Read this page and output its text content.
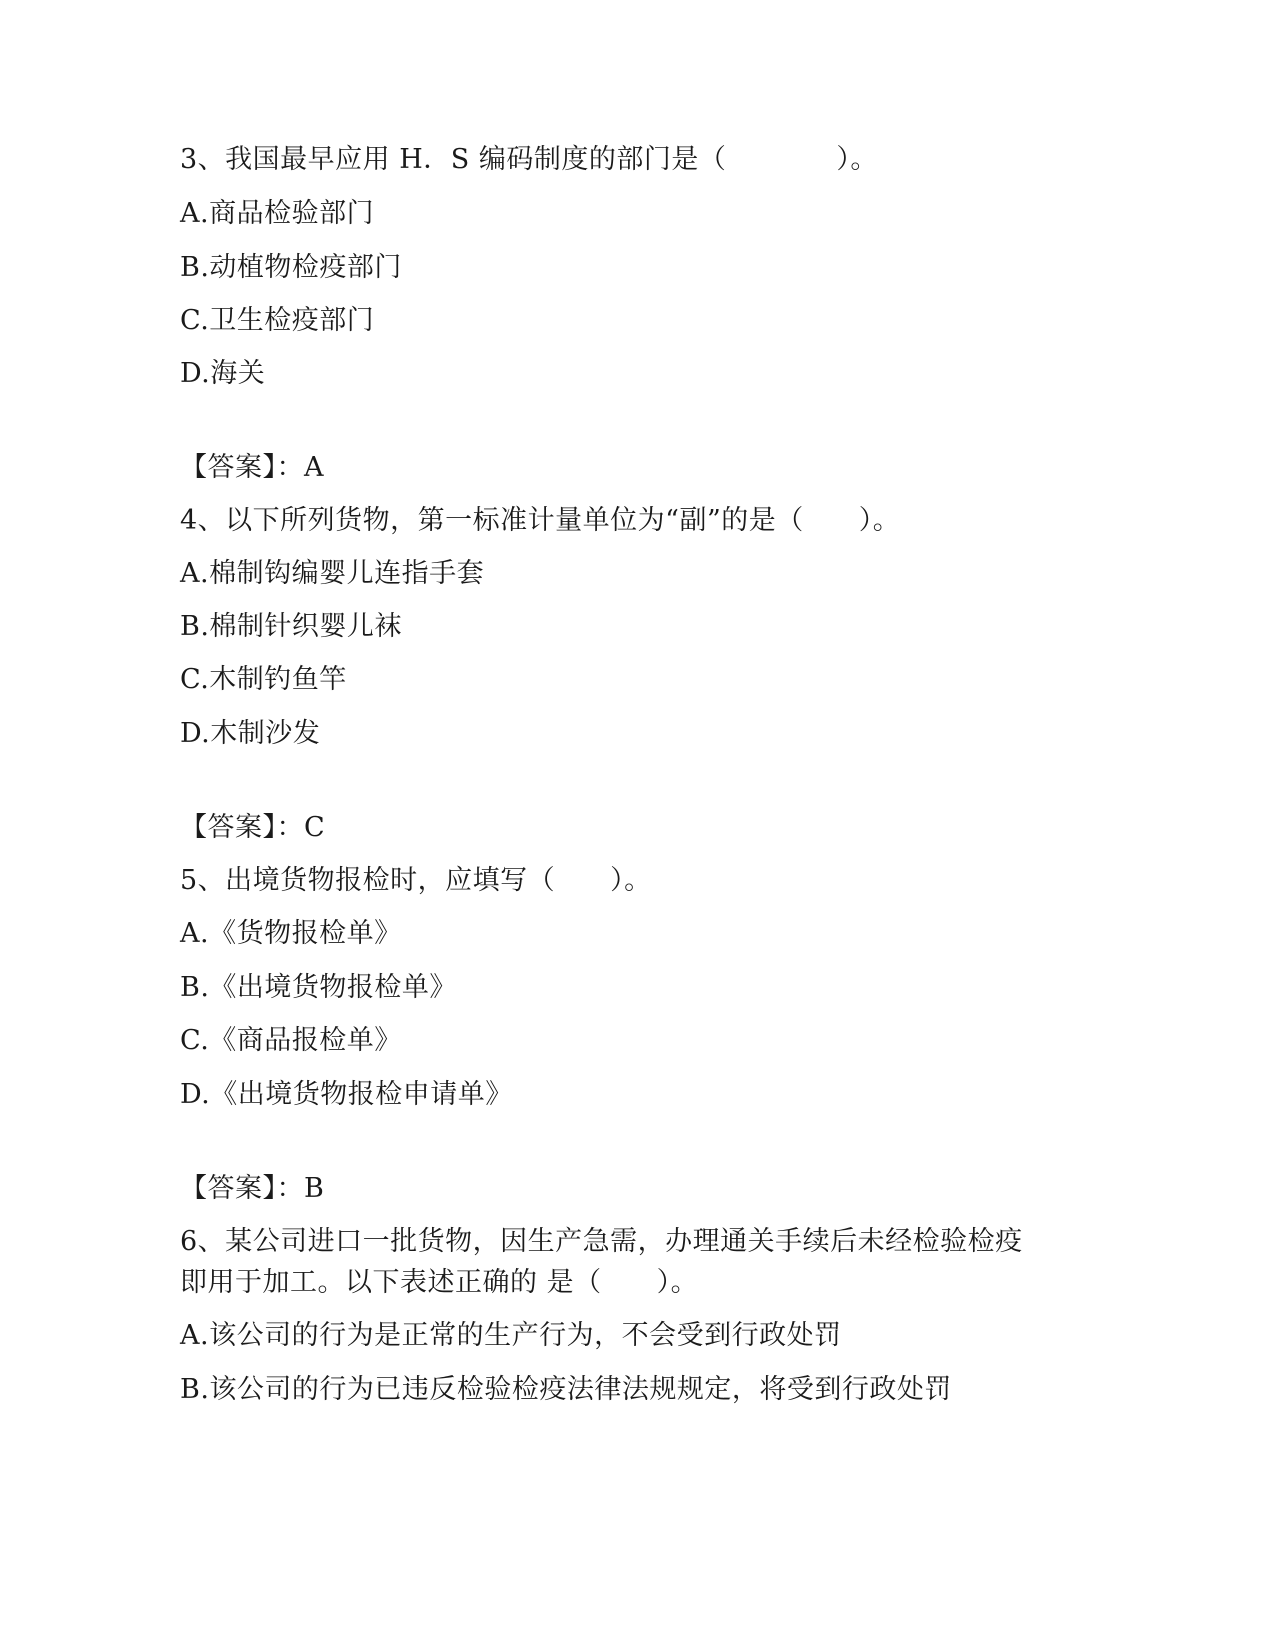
3、我国最早应用 H．S 编码制度的部门是（　　　　）。
A.商品检验部门
B.动植物检疫部门
C.卫生检疫部门
D.海关
【答案】：A
4、以下所列货物，第一标准计量单位为“副”的是（　　）。
A.棉制钩编婴儿连指手套
B.棉制针织婴儿袜
C.木制钓鱼竿
D.木制沙发
【答案】：C
5、出境货物报检时，应填写（　　）。
A.《货物报检单》
B.《出境货物报检单》
C.《商品报检单》
D.《出境货物报检申请单》
【答案】：B
6、某公司进口一批货物，因生产急需，办理通关手续后未经检验检疫
即用于加工。以下表述正确的 是（　　）。
A.该公司的行为是正常的生产行为，不会受到行政处罚
B.该公司的行为已违反检验检疫法律法规规定，将受到行政处罚
